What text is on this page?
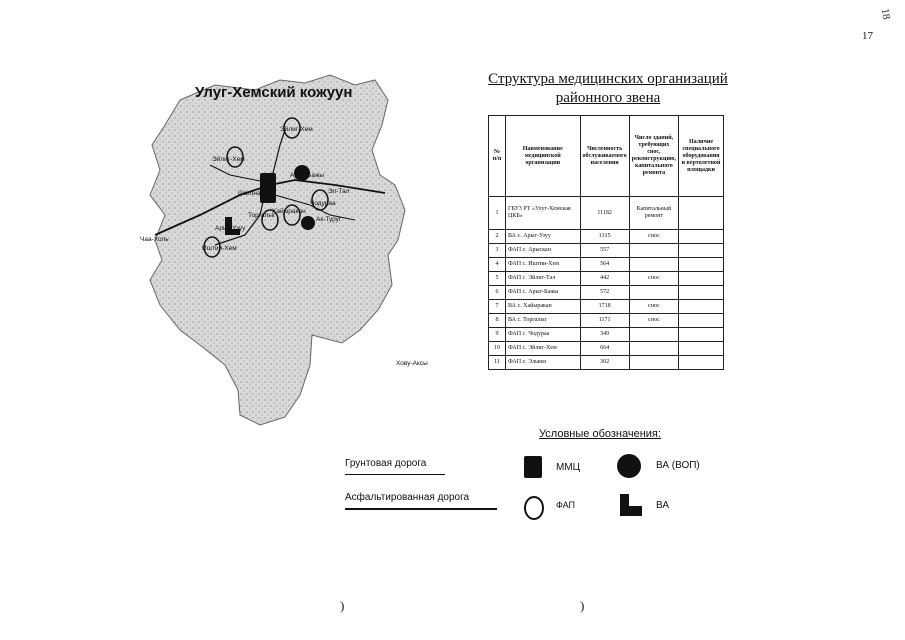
18
17
Улуг-Хемский кожуун
Эйлиг-Хем
Эйлиг-Хем
Арыг-Бажы
Шагонар
Чодураа
Торгалыг
Хайыракан
Иштии-Хем
Арыг-Узуу
Эл-Тал
Ак-Туруг
Чаа-Холь
Хову-Аксы
Структура медицинских организаций районного звена
№ п/п	Наименование медицинской организации	Численность обслуживаемого населения	Число зданий, требующих снос, реконструкцию, капитального ремонта	Наличие специального оборудования и вертолетной площадки
1	ГБУЗ РТ «Улуг-Хемская ЦКБ»	11182	Капитальный ремонт	
2	ВА с. Арыг-Узуу	1315	снос	
3	ФАП с. Арыскан	557		
4	ФАП с. Иштии-Хем	564		
5	ФАП с. Эйлиг-Тал	442	снос	
6	ФАП с. Арыг-Бажы	572		
7	ВА с. Хайыракан	1718	снос	
8	ВА с. Торгалыг	1171	снос	
9	ФАП с. Чодураа	349		
10	ФАП с. Эйлиг-Хем	664		
11	ФАП с. Эльвиз	302		
Условные обозначения:
Грунтовая дорога
Асфальтированная дорога
ММЦ	ВА (ВОП)
ФАП	ВА
)	)
